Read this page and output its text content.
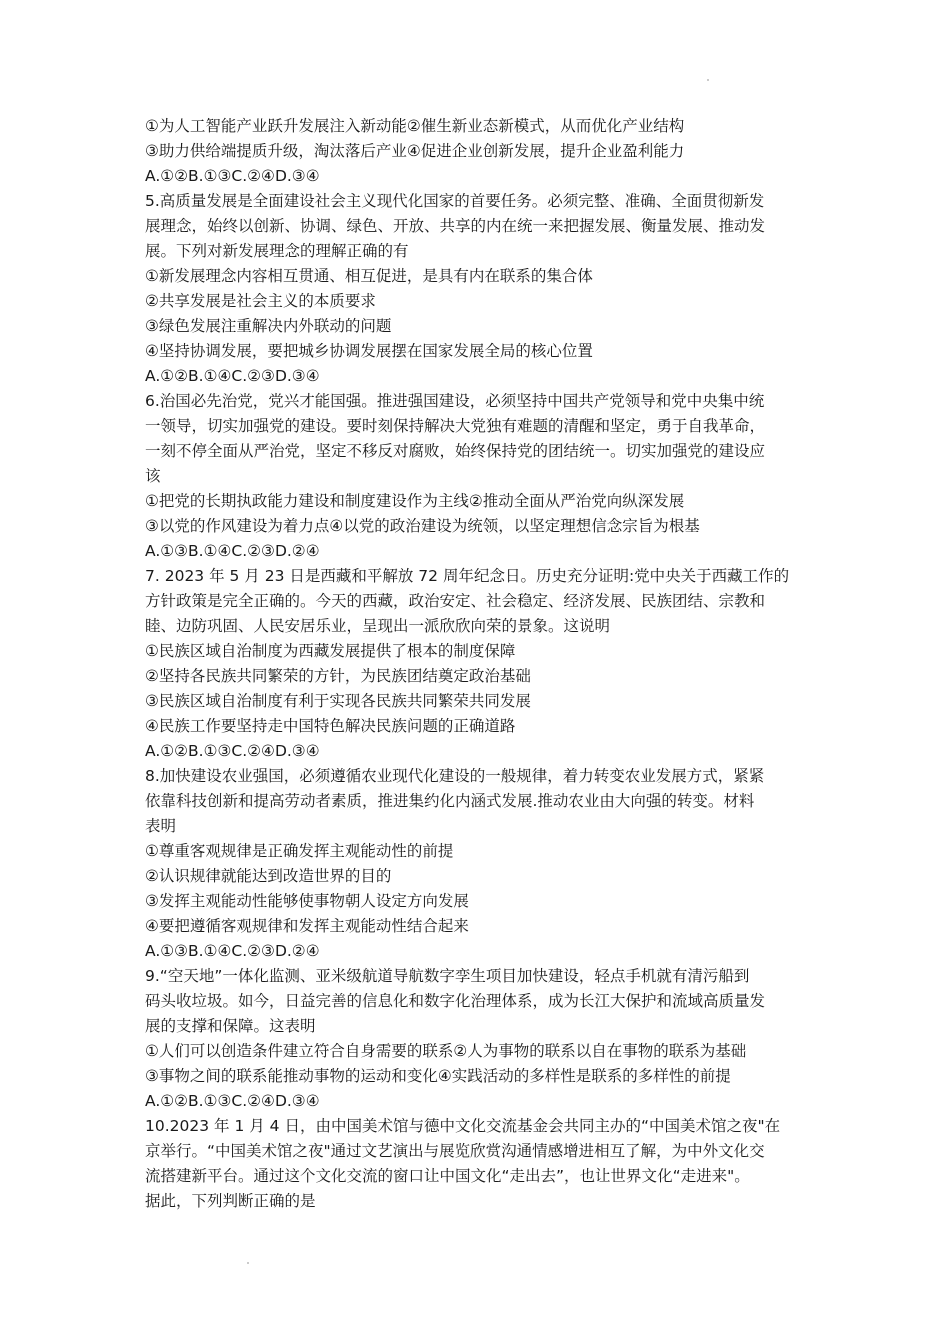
①为人工智能产业跃升发展注入新动能②催生新业态新模式，从而优化产业结构
③助力供给端提质升级，淘汰落后产业④促进企业创新发展，提升企业盈利能力
A.①②B.①③C.②④D.③④
5.高质量发展是全面建设社会主义现代化国家的首要任务。必须完整、准确、全面贯彻新发
展理念，始终以创新、协调、绿色、开放、共享的内在统一来把握发展、衡量发展、推动发
展。下列对新发展理念的理解正确的有
①新发展理念内容相互贯通、相互促进，是具有内在联系的集合体
②共享发展是社会主义的本质要求
③绿色发展注重解决内外联动的问题
④坚持协调发展，要把城乡协调发展摆在国家发展全局的核心位置
A.①②B.①④C.②③D.③④
6.治国必先治党，党兴才能国强。推进强国建设，必须坚持中国共产党领导和党中央集中统
一领导，切实加强党的建设。要时刻保持解决大党独有难题的清醒和坚定，勇于自我革命，
一刻不停全面从严治党，坚定不移反对腐败，始终保持党的团结统一。切实加强党的建设应
该
①把党的长期执政能力建设和制度建设作为主线②推动全面从严治党向纵深发展
③以党的作风建设为着力点④以党的政治建设为统领，以坚定理想信念宗旨为根基
A.①③B.①④C.②③D.②④
7. 2023 年 5 月 23 日是西藏和平解放 72 周年纪念日。历史充分证明:党中央关于西藏工作的
方针政策是完全正确的。今天的西藏，政治安定、社会稳定、经济发展、民族团结、宗教和
睦、边防巩固、人民安居乐业，呈现出一派欣欣向荣的景象。这说明
①民族区域自治制度为西藏发展提供了根本的制度保障
②坚持各民族共同繁荣的方针，为民族团结奠定政治基础
③民族区域自治制度有利于实现各民族共同繁荣共同发展
④民族工作要坚持走中国特色解决民族问题的正确道路
A.①②B.①③C.②④D.③④
8.加快建设农业强国，必须遵循农业现代化建设的一般规律，着力转变农业发展方式，紧紧
依靠科技创新和提高劳动者素质，推进集约化内涵式发展.推动农业由大向强的转变。材料
表明
①尊重客观规律是正确发挥主观能动性的前提
②认识规律就能达到改造世界的目的
③发挥主观能动性能够使事物朝人设定方向发展
④要把遵循客观规律和发挥主观能动性结合起来
A.①③B.①④C.②③D.②④
9.“空天地”一体化监测、亚米级航道导航数字孪生项目加快建设，轻点手机就有清污船到
码头收垃圾。如今，日益完善的信息化和数字化治理体系，成为长江大保护和流域高质量发
展的支撑和保障。这表明
①人们可以创造条件建立符合自身需要的联系②人为事物的联系以自在事物的联系为基础
③事物之间的联系能推动事物的运动和变化④实践活动的多样性是联系的多样性的前提
A.①②B.①③C.②④D.③④
10.2023 年 1 月 4 日，由中国美术馆与德中文化交流基金会共同主办的“中国美术馆之夜"在
京举行。“中国美术馆之夜"通过文艺演出与展览欣赏沟通情感增进相互了解，为中外文化交
流搭建新平台。通过这个文化交流的窗口让中国文化“走出去”，也让世界文化“走进来"。
据此，下列判断正确的是
